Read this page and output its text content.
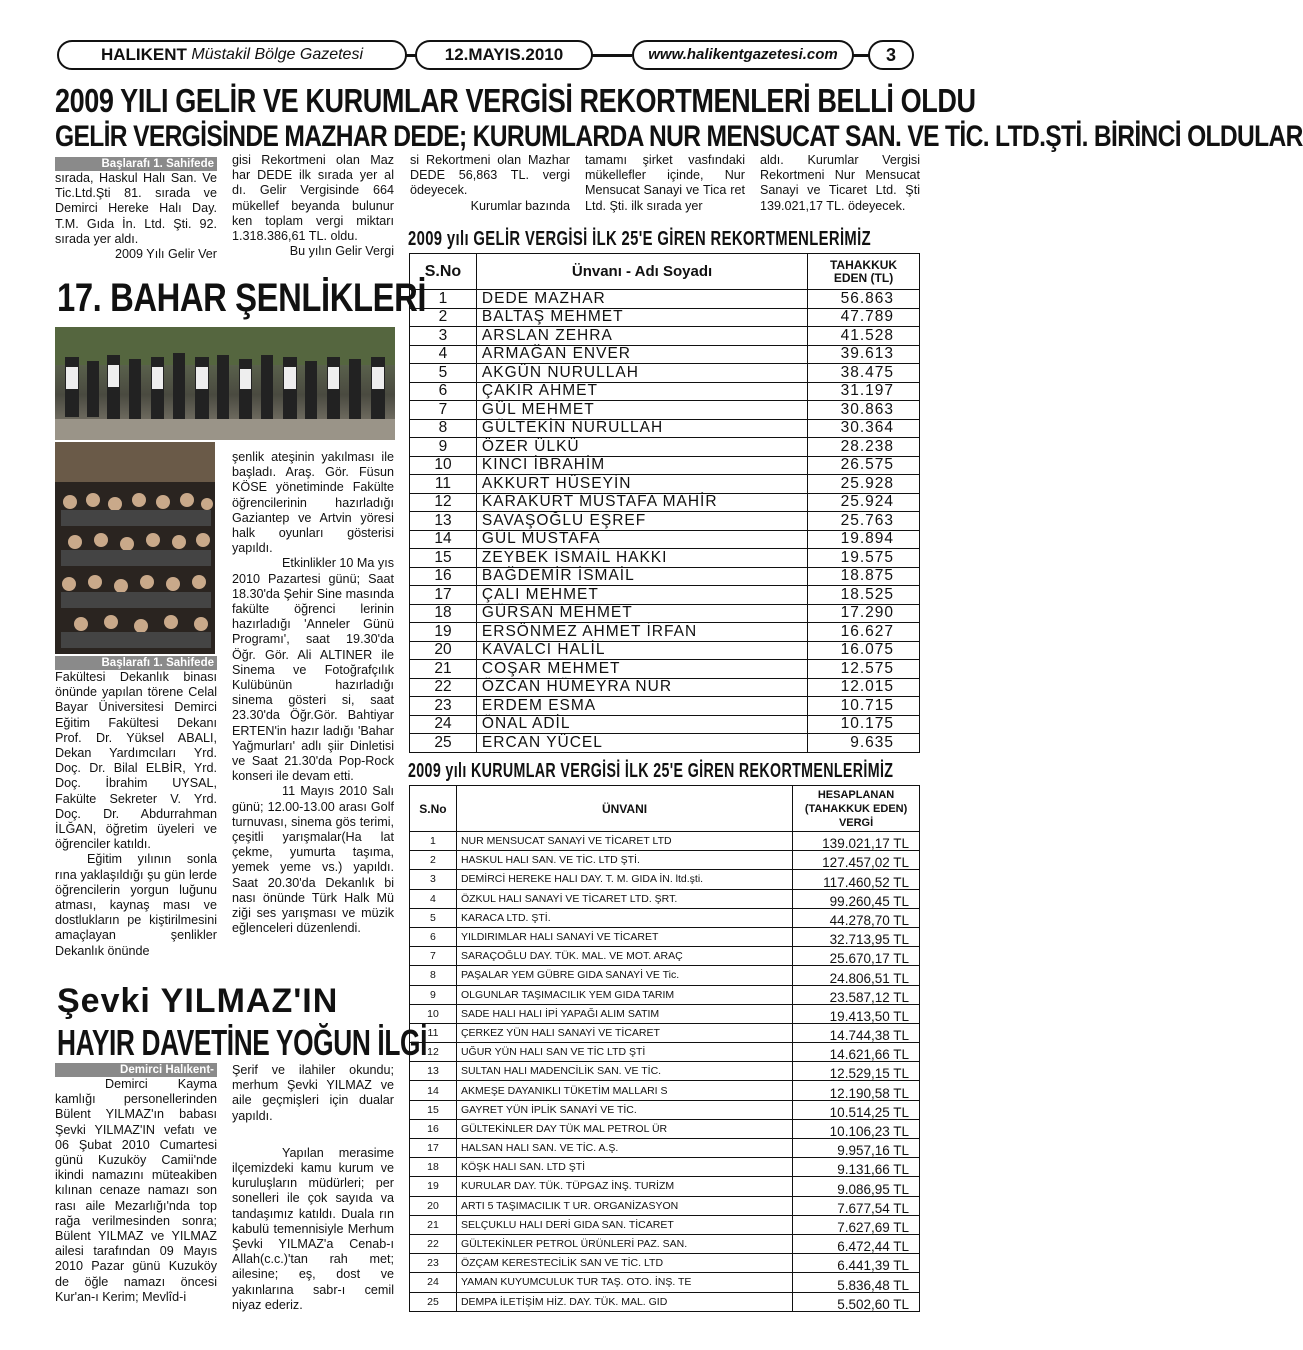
HALIKENT
Müstakil Bölge Gazetesi	12.MAYIS.2010	www.halikentgazetesi.com	3
2009 YILI GELİR VE KURUMLAR VERGİSİ REKORTMENLERİ BELLİ OLDU
GELİR VERGİSİNDE MAZHAR DEDE; KURUMLARDA NUR MENSUCAT SAN. VE TİC. LTD.ŞTİ. BİRİNCİ OLDULAR
Başlarafı 1. Sahifede

sırada, Haskul Halı San. Ve Tic.Ltd.Şti 81. sırada ve Demirci Hereke Halı Day. T.M. Gıda İn. Ltd. Şti. 92. sırada yer aldı.

2009 Yılı Gelir Ver

gisi Rekortmeni olan Maz har DEDE ilk sırada yer al dı. Gelir Vergisinde 664 mükellef beyanda bulunur ken toplam vergi miktarı 1.318.386,61 TL. oldu.

Bu yılın Gelir Vergi

si Rekortmeni olan Mazhar DEDE 56,863 TL. vergi ödeyecek.

Kurumlar bazında

tamamı şirket vasfındaki mükellefler içinde, Nur Mensucat Sanayi ve Tica ret Ltd. Şti. ilk sırada yer

aldı. Kurumlar Vergisi Rekortmeni Nur Mensucat Sanayi ve Ticaret Ltd. Şti 139.021,17 TL. ödeyecek.

17. BAHAR ŞENLİKLERİ
Başlarafı 1. Sahifede

Fakültesi Dekanlık binası önünde yapılan törene Celal Bayar Üniversitesi Demirci Eğitim Fakültesi Dekanı Prof. Dr. Yüksel ABALI, Dekan Yardımcıları Yrd. Doç. Dr. Bilal ELBİR, Yrd. Doç. İbrahim UYSAL, Fakülte Sekreter V. Yrd. Doç. Dr. Abdurrahman İLĞAN, öğretim üyeleri ve öğrenciler katıldı.

Eğitim yılının sonla rına yaklaşıldığı şu gün lerde öğrencilerin yorgun luğunu atması, kaynaş ması ve dostlukların pe kiştirilmesini amaçlayan şenlikler Dekanlık önünde

şenlik ateşinin yakılması ile başladı. Araş. Gör. Füsun KÖSE yönetiminde Fakülte öğrencilerinin hazırladığı Gaziantep ve Artvin yöresi halk oyunları gösterisi yapıldı.

Etkinlikler 10 Ma yıs 2010 Pazartesi günü; Saat 18.30'da Şehir Sine masında fakülte öğrenci lerinin hazırladığı 'Anneler Günü Programı', saat 19.30'da Öğr. Gör. Ali ALTINER ile Sinema ve Fotoğrafçılık Kulübünün hazırladığı sinema gösteri si, saat 23.30'da Öğr.Gör. Bahtiyar ERTEN'in hazır ladığı 'Bahar Yağmurları' adlı şiir Dinletisi ve Saat 21.30'da Pop-Rock konseri ile devam etti.

11 Mayıs 2010 Salı günü; 12.00-13.00 arası Golf turnuvası, sinema gös terimi, çeşitli yarışmalar(Ha lat çekme, yumurta taşıma, yemek yeme vs.) yapıldı. Saat 20.30'da Dekanlık bi nası önünde Türk Halk Mü ziği ses yarışması ve müzik eğlenceleri düzenlendi.

Şevki YILMAZ'IN
HAYIR DAVETİNE YOĞUN İLGİ
Demirci Halıkent-

Demirci Kayma kamlığı personellerinden Bülent YILMAZ'ın babası Şevki YILMAZ'IN vefatı ve 06 Şubat 2010 Cumartesi günü Kuzuköy Camii'nde ikindi namazını müteakiben kılınan cenaze namazı son rası aile Mezarlığı'nda top rağa verilmesinden sonra; Bülent YILMAZ ve YILMAZ ailesi tarafından 09 Mayıs 2010 Pazar günü Kuzuköy de öğle namazı öncesi Kur'an-ı Kerim; Mevlîd-i

Şerif ve ilahiler okundu; merhum Şevki YILMAZ ve aile geçmişleri için dualar yapıldı.

Yapılan merasime ilçemizdeki kamu kurum ve kuruluşların müdürleri; per sonelleri ile çok sayıda va tandaşımız katıldı. Duala rın kabulü temennisiyle Merhum Şevki YILMAZ'a Cenab-ı Allah(c.c.)'tan rah met; ailesine; eş, dost ve yakınlarına sabr-ı cemil niyaz ederiz.

2009 yılı GELİR VERGİSİ İLK 25'E GİREN REKORTMENLERİMİZ
S.No	Ünvanı - Adı Soyadı	TAHAKKUK EDEN (TL)
1	DEDE MAZHAR	56.863
2	BALTAŞ MEHMET	47.789
3	ARSLAN ZEHRA	41.528
4	ARMAĞAN ENVER	39.613
5	AKGÜN NURULLAH	38.475
6	ÇAKIR AHMET	31.197
7	GÜL MEHMET	30.863
8	GÜLTEKİN NURULLAH	30.364
9	ÖZER ÜLKÜ	28.238
10	KINCI İBRAHİM	26.575
11	AKKURT HÜSEYİN	25.928
12	KARAKURT MUSTAFA MAHİR	25.924
13	SAVAŞOĞLU EŞREF	25.763
14	GÜL MUSTAFA	19.894
15	ZEYBEK İSMAİL HAKKI	19.575
16	BAĞDEMİR İSMAİL	18.875
17	ÇALI MEHMET	18.525
18	GÜRSAN MEHMET	17.290
19	ERSÖNMEZ AHMET İRFAN	16.627
20	KAVALCI HALİL	16.075
21	COŞAR MEHMET	12.575
22	ÖZCAN HÜMEYRA NUR	12.015
23	ERDEM ESMA	10.715
24	ÖNAL ADİL	10.175
25	ERCAN YÜCEL	9.635
2009 yılı KURUMLAR VERGİSİ İLK 25'E GİREN REKORTMENLERİMİZ
S.No	ÜNVANI	HESAPLANAN (TAHAKKUK EDEN) VERGİ
1	NUR MENSUCAT SANAYİ VE TİCARET LTD	139.021,17 TL
2	HASKUL HALI SAN. VE TİC. LTD ŞTİ.	127.457,02 TL
3	DEMİRCİ HEREKE HALI DAY. T. M. GIDA İN. ltd.şti.	117.460,52 TL
4	ÖZKUL HALI SANAYİ VE TİCARET LTD. ŞRT.	99.260,45 TL
5	KARACA LTD. ŞTİ.	44.278,70 TL
6	YILDIRIMLAR HALI SANAYİ VE TİCARET	32.713,95 TL
7	SARAÇOĞLU DAY. TÜK. MAL. VE MOT. ARAÇ	25.670,17 TL
8	PAŞALAR YEM GÜBRE GIDA SANAYİ VE Tic.	24.806,51 TL
9	OLGUNLAR TAŞIMACILIK YEM GIDA TARIM	23.587,12 TL
10	SADE HALI HALI İPİ YAPAĞI ALIM SATIM	19.413,50 TL
11	ÇERKEZ YÜN HALI SANAYİ VE TİCARET	14.744,38 TL
12	UĞUR YÜN HALI SAN VE TİC LTD ŞTİ	14.621,66 TL
13	SULTAN HALI MADENCİLİK SAN. VE TİC.	12.529,15 TL
14	AKMEŞE DAYANIKLI TÜKETİM MALLARI S	12.190,58 TL
15	GAYRET YÜN İPLİK SANAYİ VE TİC.	10.514,25 TL
16	GÜLTEKİNLER DAY TÜK MAL PETROL ÜR	10.106,23 TL
17	HALSAN HALI SAN. VE TİC. A.Ş.	9.957,16 TL
18	KÖŞK HALI SAN. LTD ŞTİ	9.131,66 TL
19	KURULAR DAY. TÜK. TÜPGAZ İNŞ. TURİZM	9.086,95 TL
20	ARTI 5 TAŞIMACILIK T UR. ORGANİZASYON	7.677,54 TL
21	SELÇUKLU HALI DERİ GIDA SAN. TİCARET	7.627,69 TL
22	GÜLTEKİNLER PETROL ÜRÜNLERİ PAZ. SAN.	6.472,44 TL
23	ÖZÇAM KERESTECİLİK SAN VE TİC. LTD	6.441,39 TL
24	YAMAN KUYUMCULUK TUR TAŞ. OTO. İNŞ. TE	5.836,48 TL
25	DEMPA İLETİŞİM HİZ. DAY. TÜK. MAL. GID	5.502,60 TL
